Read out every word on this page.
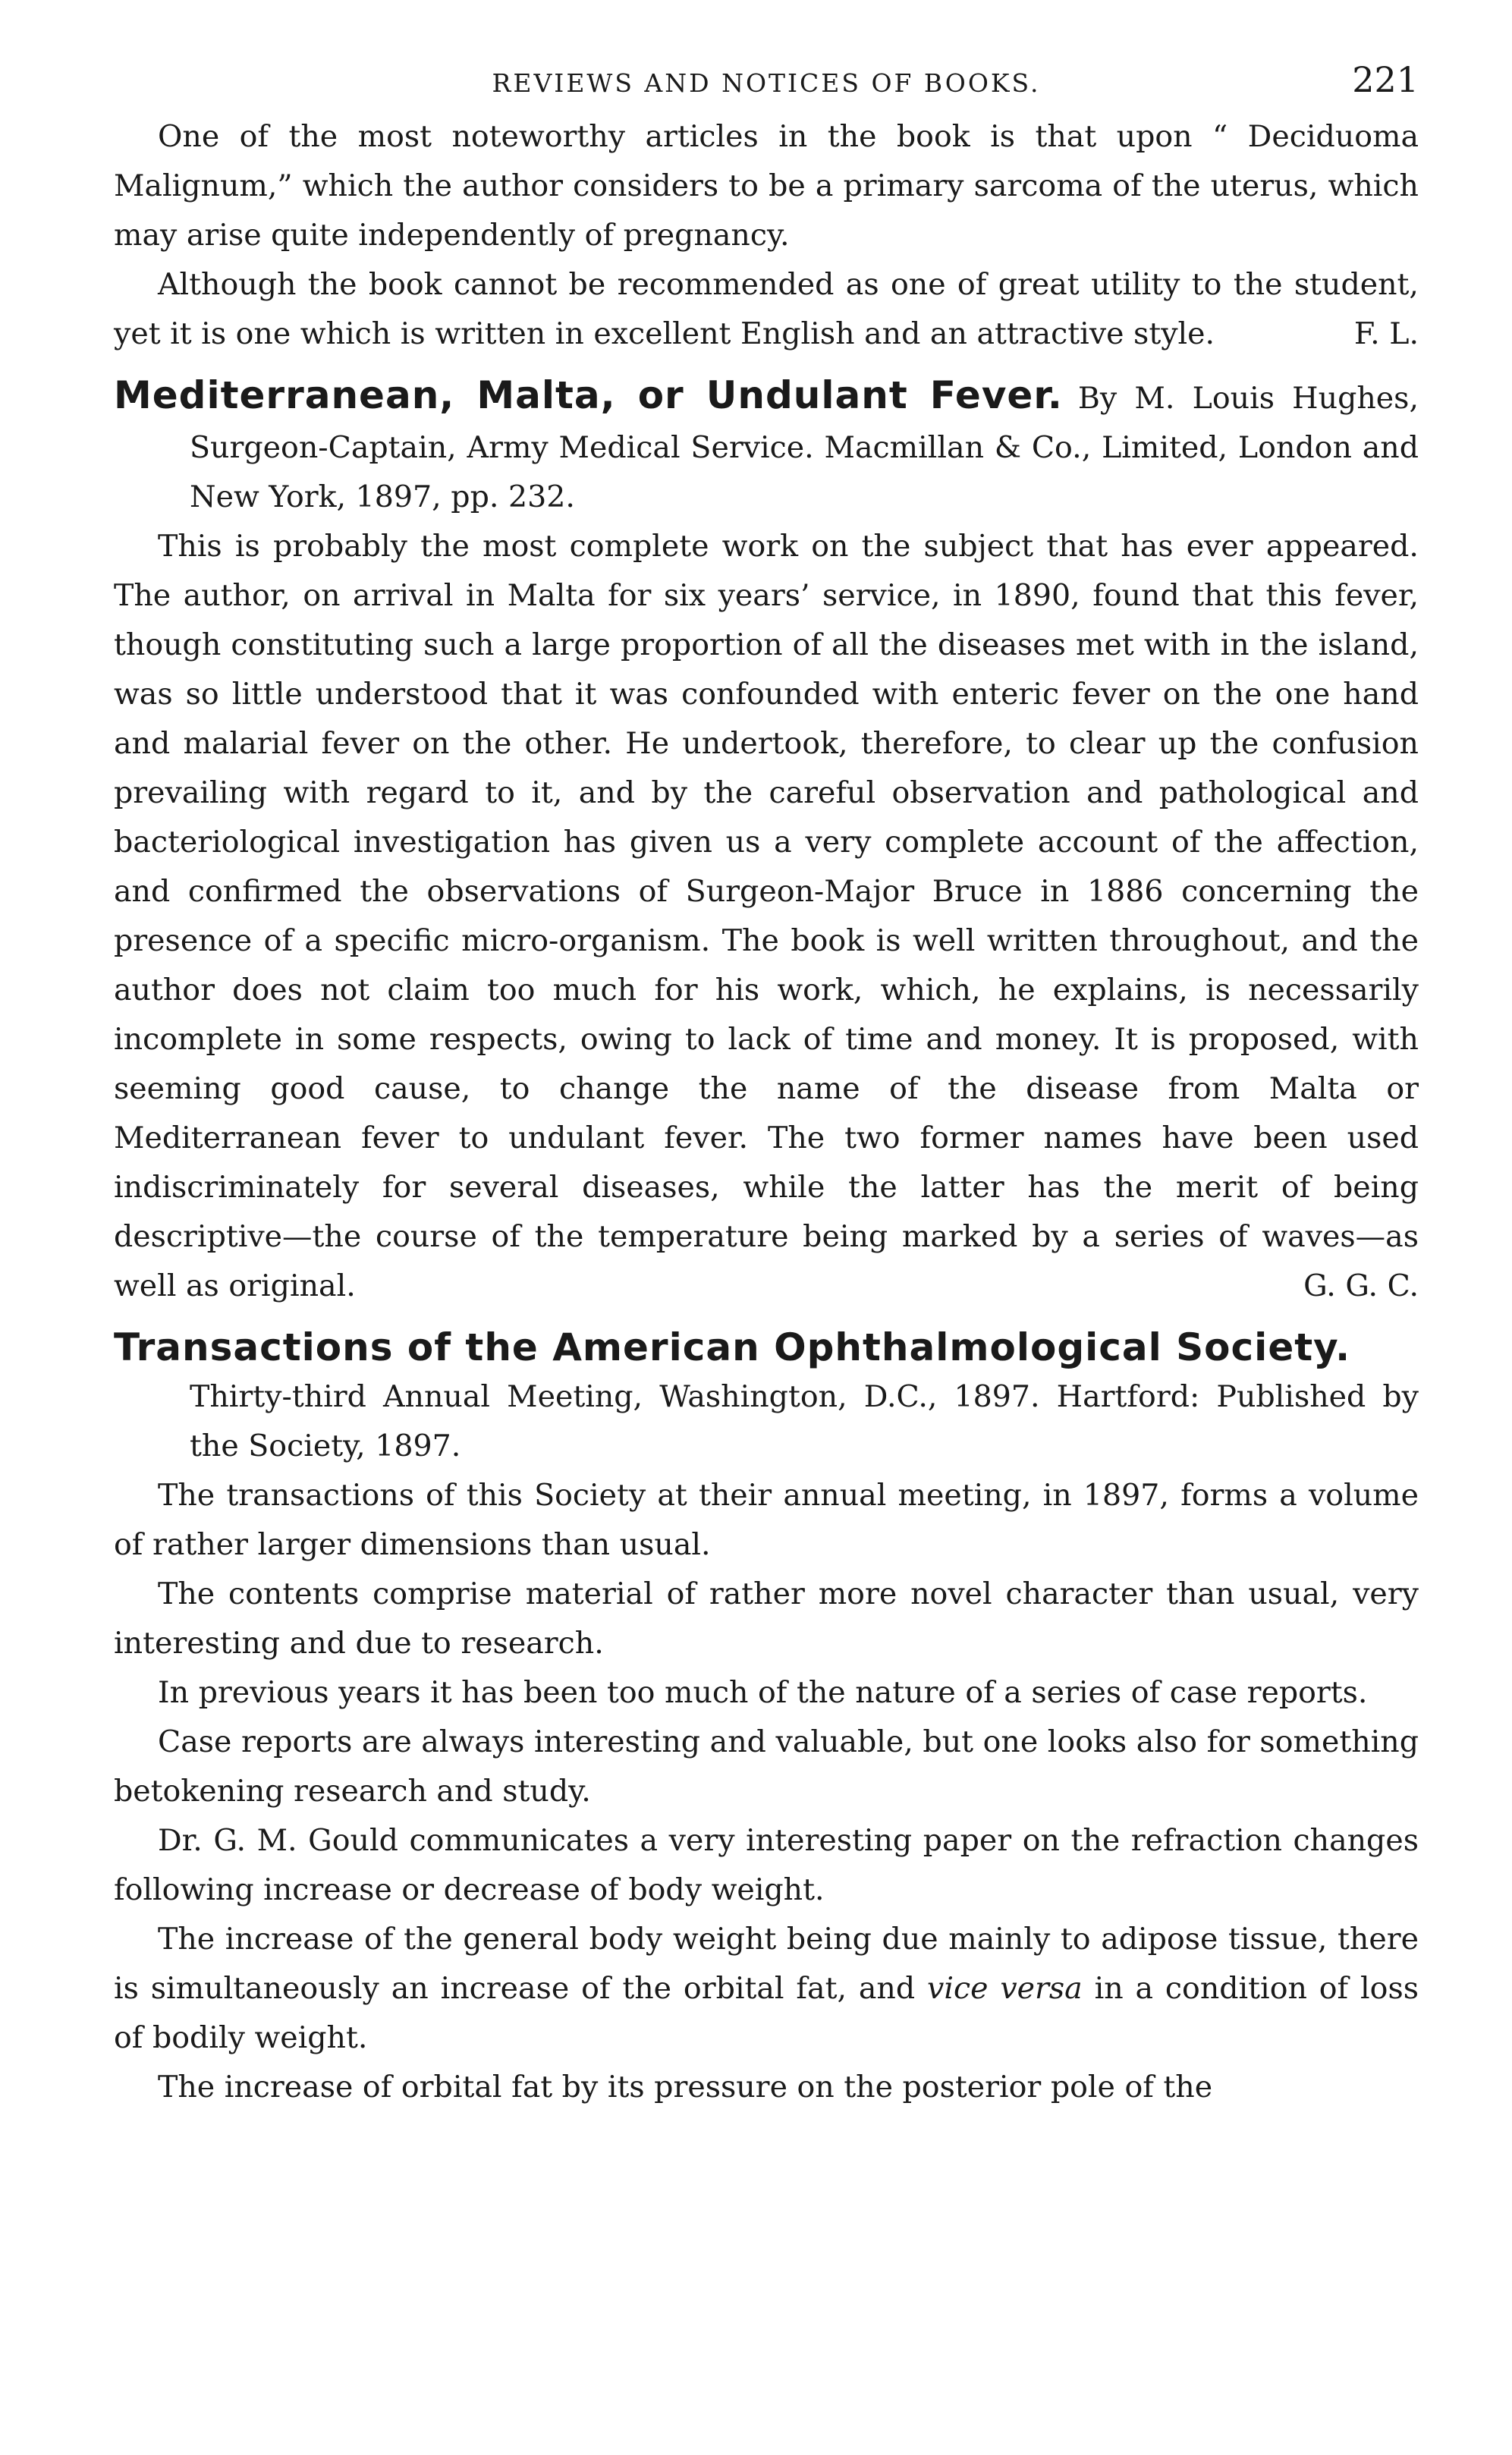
REVIEWS AND NOTICES OF BOOKS.	221

One of the most noteworthy articles in the book is that upon “ Deciduoma Malignum,” which the author considers to be a primary sarcoma of the uterus, which may arise quite independently of pregnancy.

Although the book cannot be recommended as one of great utility to the student, yet it is one which is written in excellent English and an attractive style.	F. L.

Mediterranean, Malta, or Undulant Fever. By M. Louis Hughes, Surgeon-Captain, Army Medical Service. Macmillan & Co., Limited, London and New York, 1897, pp. 232.

This is probably the most complete work on the subject that has ever appeared. The author, on arrival in Malta for six years’ service, in 1890, found that this fever, though constituting such a large proportion of all the diseases met with in the island, was so little understood that it was confounded with enteric fever on the one hand and malarial fever on the other. He undertook, therefore, to clear up the confusion prevailing with regard to it, and by the careful observation and pathological and bacteriological investigation has given us a very complete account of the affection, and confirmed the observations of Surgeon-Major Bruce in 1886 concerning the presence of a specific micro-organism. The book is well written throughout, and the author does not claim too much for his work, which, he explains, is necessarily incomplete in some respects, owing to lack of time and money. It is proposed, with seeming good cause, to change the name of the disease from Malta or Mediterranean fever to undulant fever. The two former names have been used indiscriminately for several diseases, while the latter has the merit of being descriptive—the course of the temperature being marked by a series of waves—as well as original.	G. G. C.

Transactions of the American Ophthalmological Society.
Thirty-third Annual Meeting, Washington, D.C., 1897. Hartford: Published by the Society, 1897.

The transactions of this Society at their annual meeting, in 1897, forms a volume of rather larger dimensions than usual.

The contents comprise material of rather more novel character than usual, very interesting and due to research.

In previous years it has been too much of the nature of a series of case reports.

Case reports are always interesting and valuable, but one looks also for something betokening research and study.

Dr. G. M. Gould communicates a very interesting paper on the refraction changes following increase or decrease of body weight.

The increase of the general body weight being due mainly to adipose tissue, there is simultaneously an increase of the orbital fat, and vice versa in a condition of loss of bodily weight.

The increase of orbital fat by its pressure on the posterior pole of the
